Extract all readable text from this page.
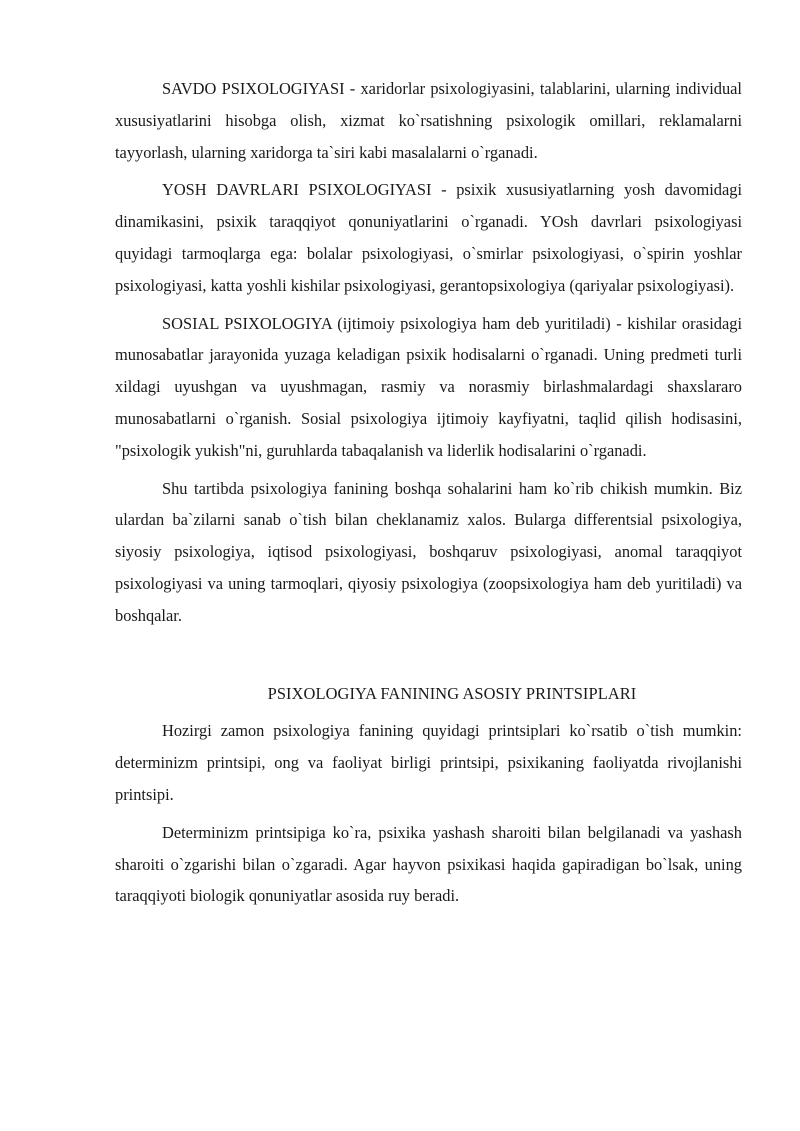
SAVDO PSIXOLOGIYASI - xaridorlar psixologiyasini, talablarini, ularning individual xususiyatlarini hisobga olish, xizmat ko`rsatishning psixologik omillari, reklamalarni tayyorlash, ularning xaridorga ta`siri kabi masalalarni o`rganadi.

YOSH DAVRLARI PSIXOLOGIYASI - psixik xususiyatlarning yosh davomidagi dinamikasini, psixik taraqqiyot qonuniyatlarini o`rganadi. YOsh davrlari psixologiyasi quyidagi tarmoqlarga ega: bolalar psixologiyasi, o`smirlar psixologiyasi, o`spirin yoshlar psixologiyasi, katta yoshli kishilar psixologiyasi, gerantopsixologiya (qariyalar psixologiyasi).

SOSIAL PSIXOLOGIYA (ijtimoiy psixologiya ham deb yuritiladi) - kishilar orasidagi munosabatlar jarayonida yuzaga keladigan psixik hodisalarni o`rganadi. Uning predmeti turli xildagi uyushgan va uyushmagan, rasmiy va norasmiy birlashmalardagi shaxslararo munosabatlarni o`rganish. Sosial psixologiya ijtimoiy kayfiyatni, taqlid qilish hodisasini, "psixologik yukish"ni, guruhlarda tabaqalanish va liderlik hodisalarini o`rganadi.

Shu tartibda psixologiya fanining boshqa sohalarini ham ko`rib chikish mumkin. Biz ulardan ba`zilarni sanab o`tish bilan cheklanamiz xalos. Bularga differentsial psixologiya, siyosiy psixologiya, iqtisod psixologiyasi, boshqaruv psixologiyasi, anomal taraqqiyot psixologiyasi va uning tarmoqlari, qiyosiy psixologiya (zoopsixologiya ham deb yuritiladi) va boshqalar.

PSIXOLOGIYA FANINING ASOSIY PRINTSIPLARI

Hozirgi zamon psixologiya fanining quyidagi printsiplari ko`rsatib o`tish mumkin: determinizm printsipi, ong va faoliyat birligi printsipi, psixikaning faoliyatda rivojlanishi printsipi.

Determinizm printsipiga ko`ra, psixika yashash sharoiti bilan belgilanadi va yashash sharoiti o`zgarishi bilan o`zgaradi. Agar hayvon psixikasi haqida gapiradigan bo`lsak, uning taraqqiyoti biologik qonuniyatlar asosida ruy beradi.
